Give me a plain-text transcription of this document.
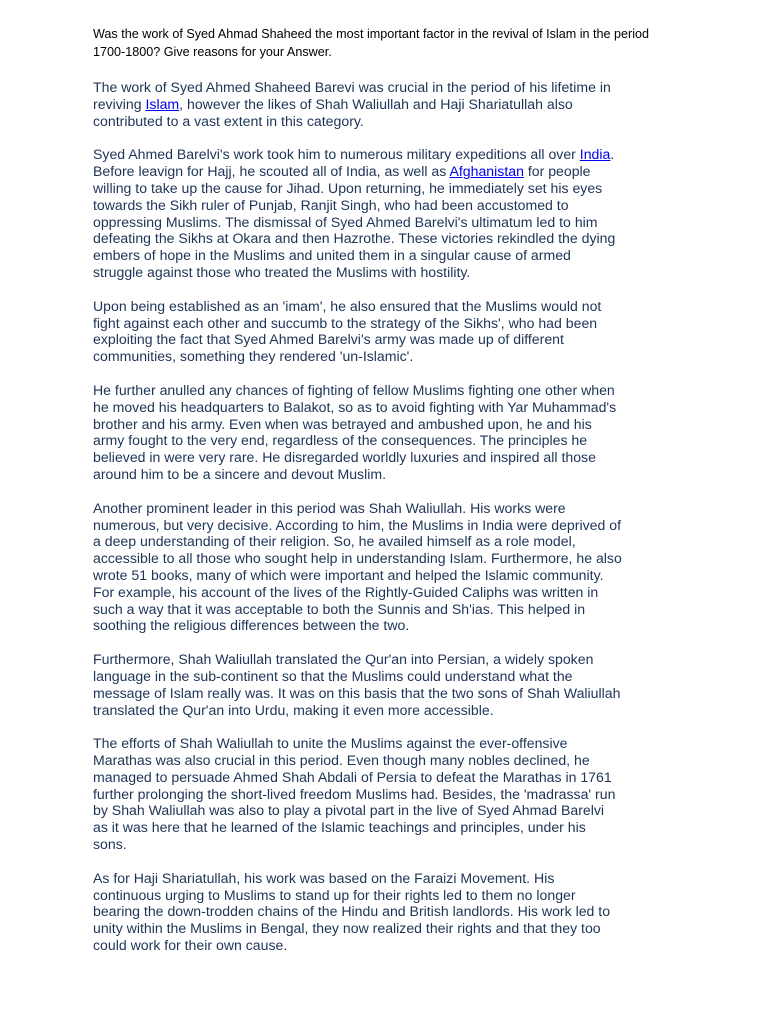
Was the work of Syed Ahmad Shaheed the most important factor in the revival of Islam in the period
1700-1800? Give reasons for your Answer.
The work of Syed Ahmed Shaheed Barevi was crucial in the period of his lifetime in
reviving Islam, however the likes of Shah Waliullah and Haji Shariatullah also
contributed to a vast extent in this category.
Syed Ahmed Barelvi's work took him to numerous military expeditions all over India.
Before leavign for Hajj, he scouted all of India, as well as Afghanistan for people
willing to take up the cause for Jihad. Upon returning, he immediately set his eyes
towards the Sikh ruler of Punjab, Ranjit Singh, who had been accustomed to
oppressing Muslims. The dismissal of Syed Ahmed Barelvi's ultimatum led to him
defeating the Sikhs at Okara and then Hazrothe. These victories rekindled the dying
embers of hope in the Muslims and united them in a singular cause of armed
struggle against those who treated the Muslims with hostility.
Upon being established as an 'imam', he also ensured that the Muslims would not
fight against each other and succumb to the strategy of the Sikhs', who had been
exploiting the fact that Syed Ahmed Barelvi's army was made up of different
communities, something they rendered 'un-Islamic'.
He further anulled any chances of fighting of fellow Muslims fighting one other when
he moved his headquarters to Balakot, so as to avoid fighting with Yar Muhammad's
brother and his army. Even when was betrayed and ambushed upon, he and his
army fought to the very end, regardless of the consequences. The principles he
believed in were very rare. He disregarded worldly luxuries and inspired all those
around him to be a sincere and devout Muslim.
Another prominent leader in this period was Shah Waliullah. His works were
numerous, but very decisive. According to him, the Muslims in India were deprived of
a deep understanding of their religion. So, he availed himself as a role model,
accessible to all those who sought help in understanding Islam. Furthermore, he also
wrote 51 books, many of which were important and helped the Islamic community.
For example, his account of the lives of the Rightly-Guided Caliphs was written in
such a way that it was acceptable to both the Sunnis and Sh'ias. This helped in
soothing the religious differences between the two.
Furthermore, Shah Waliullah translated the Qur'an into Persian, a widely spoken
language in the sub-continent so that the Muslims could understand what the
message of Islam really was. It was on this basis that the two sons of Shah Waliullah
translated the Qur'an into Urdu, making it even more accessible.
The efforts of Shah Waliullah to unite the Muslims against the ever-offensive
Marathas was also crucial in this period. Even though many nobles declined, he
managed to persuade Ahmed Shah Abdali of Persia to defeat the Marathas in 1761
further prolonging the short-lived freedom Muslims had. Besides, the 'madrassa' run
by Shah Waliullah was also to play a pivotal part in the live of Syed Ahmad Barelvi
as it was here that he learned of the Islamic teachings and principles, under his
sons.
As for Haji Shariatullah, his work was based on the Faraizi Movement. His
continuous urging to Muslims to stand up for their rights led to them no longer
bearing the down-trodden chains of the Hindu and British landlords. His work led to
unity within the Muslims in Bengal, they now realized their rights and that they too
could work for their own cause.
